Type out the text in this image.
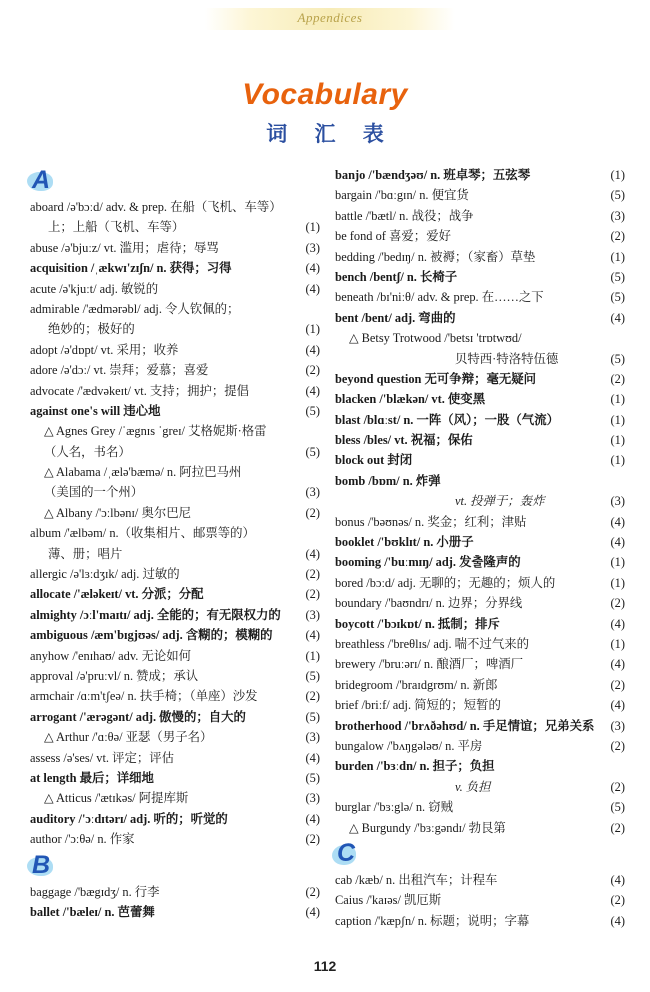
Appendices
Vocabulary
词 汇 表
A
aboard /ə'bɔːd/ adv. & prep. 在船（飞机、车等）
上；上船（飞机、车等）	(1)
abuse /ə'bjuːz/ vt. 滥用；虐待；辱骂	(3)
acquisition /ˌækwɪ'zɪʃn/ n. 获得；习得	(4)
acute /ə'kjuːt/ adj. 敏锐的	(4)
admirable /'ædmərəbl/ adj. 令人钦佩的；
绝妙的；极好的	(1)
adopt /ə'dɒpt/ vt. 采用；收养	(4)
adore /ə'dɔː/ vt. 崇拜；爱慕；喜爱	(2)
advocate /'ædvəkeɪt/ vt. 支持；拥护；提倡	(4)
against one's will 违心地	(5)
△ Agnes Grey /ˈægnɪs ˈgreɪ/ 艾格妮斯·格雷
（人名，书名）	(5)
△ Alabama /ˌælə'bæmə/ n. 阿拉巴马州
（美国的一个州）	(3)
△ Albany /'ɔːlbənɪ/ 奥尔巴尼	(2)
album /'ælbəm/ n.（收集相片、邮票等的）
薄、册；唱片	(4)
allergic /ə'lɜːdʒɪk/ adj. 过敏的	(2)
allocate /'æləkeɪt/ vt. 分派；分配	(2)
almighty /ɔːl'maɪtɪ/ adj. 全能的；有无限权力的	(3)
ambiguous /æm'bɪgjʊəs/ adj. 含糊的；模糊的	(4)
anyhow /'enɪhaʊ/ adv. 无论如何	(1)
approval /ə'pruːvl/ n. 赞成；承认	(5)
armchair /ɑːm'tʃeə/ n. 扶手椅；（单座）沙发	(2)
arrogant /'ærəgənt/ adj. 傲慢的；自大的	(5)
△ Arthur /'ɑːθə/ 亚瑟（男子名）	(3)
assess /ə'ses/ vt. 评定；评估	(4)
at length 最后；详细地	(5)
△ Atticus /'ætɪkəs/ 阿提库斯	(3)
auditory /'ɔːdɪtərɪ/ adj. 听的；听觉的	(4)
author /'ɔːθə/ n. 作家	(2)
B
baggage /'bægɪdʒ/ n. 行李	(2)
ballet /'bæleɪ/ n. 芭蕾舞	(4)
banjo /'bændʒəʊ/ n. 班卓琴；五弦琴	(1)
bargain /'bɑːgɪn/ n. 便宜货	(5)
battle /'bætl/ n. 战役；战争	(3)
be fond of 喜爱；爱好	(2)
bedding /'bedɪŋ/ n. 被褥；（家畜）草垫	(1)
bench /bentʃ/ n. 长椅子	(5)
beneath /bɪ'niːθ/ adv. & prep. 在……之下	(5)
bent /bent/ adj. 弯曲的	(4)
△ Betsy Trotwood /'betsɪ 'trɒtwʊd/
贝特西·特洛特伍德	(5)
beyond question 无可争辩；毫无疑问	(2)
blacken /'blækən/ vt. 使变黑	(1)
blast /blɑːst/ n. 一阵（风）；一股（气流）	(1)
bless /bles/ vt. 祝福；保佑	(1)
block out 封闭	(1)
bomb /bɒm/ n. 炸弹
vt. 投弹于；轰炸	(3)
bonus /'bəʊnəs/ n. 奖金；红利；津贴	(4)
booklet /'bʊklɪt/ n. 小册子	(4)
booming /'buːmɪŋ/ adj. 发출隆声的	(1)
bored /bɔːd/ adj. 无聊的；无趣的；烦人的	(1)
boundary /'baʊndrɪ/ n. 边界；分界线	(2)
boycott /'bɔɪkɒt/ n. 抵制；排斥	(4)
breathless /'breθlɪs/ adj. 喘不过气来的	(1)
brewery /'bruːərɪ/ n. 酿酒厂；啤酒厂	(4)
bridegroom /'braɪdgrʊm/ n. 新郎	(2)
brief /briːf/ adj. 简短的；短暂的	(4)
brotherhood /'brʌðəhʊd/ n. 手足情谊；兄弟关系	(3)
bungalow /'bʌŋgələʊ/ n. 平房	(2)
burden /'bɜːdn/ n. 担子；负担
v. 负担	(2)
burglar /'bɜːglə/ n. 窃贼	(5)
△ Burgundy /'bɜːgəndɪ/ 勃艮第	(2)
C
cab /kæb/ n. 出租汽车；计程车	(4)
Caius /'kaɪəs/ 凯厄斯	(2)
caption /'kæpʃn/ n. 标题；说明；字幕	(4)
112
